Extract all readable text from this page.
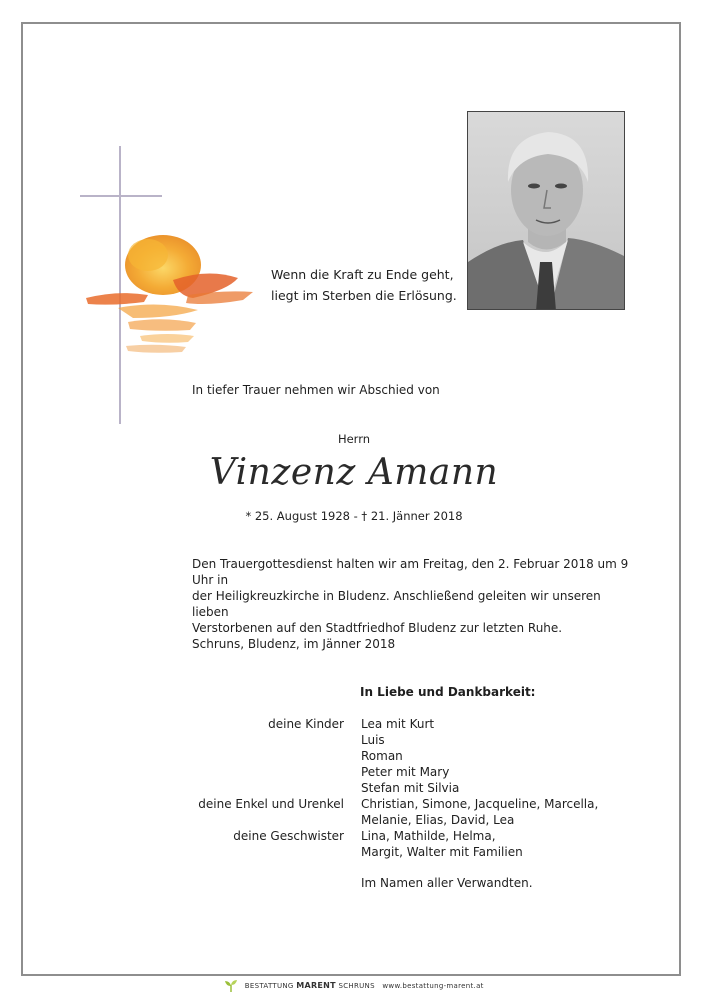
Wenn die Kraft zu Ende geht,
liegt im Sterben die Erlösung.
In tiefer Trauer nehmen wir Abschied von
Herrn
Vinzenz Amann
* 25. August 1928 - † 21. Jänner 2018

Den Trauergottesdienst halten wir am Freitag, den 2. Februar 2018 um 9 Uhr in

der Heiligkreuzkirche in Bludenz. Anschließend geleiten wir unseren lieben

Verstorbenen auf den Stadtfriedhof Bludenz zur letzten Ruhe.

Schruns, Bludenz, im Jänner 2018
In Liebe und Dankbarkeit:
deine Kinder Lea mit Kurt
Luis
Roman
Peter mit Mary
Stefan mit Silvia
deine Enkel und Urenkel Christian, Simone, Jacqueline, Marcella,
Melanie, Elias, David, Lea
deine Geschwister Lina, Mathilde, Helma,
Margit, Walter mit Familien
Im Namen aller Verwandten.
BESTATTUNG MARENT SCHRUNS www.bestattung-marent.at
